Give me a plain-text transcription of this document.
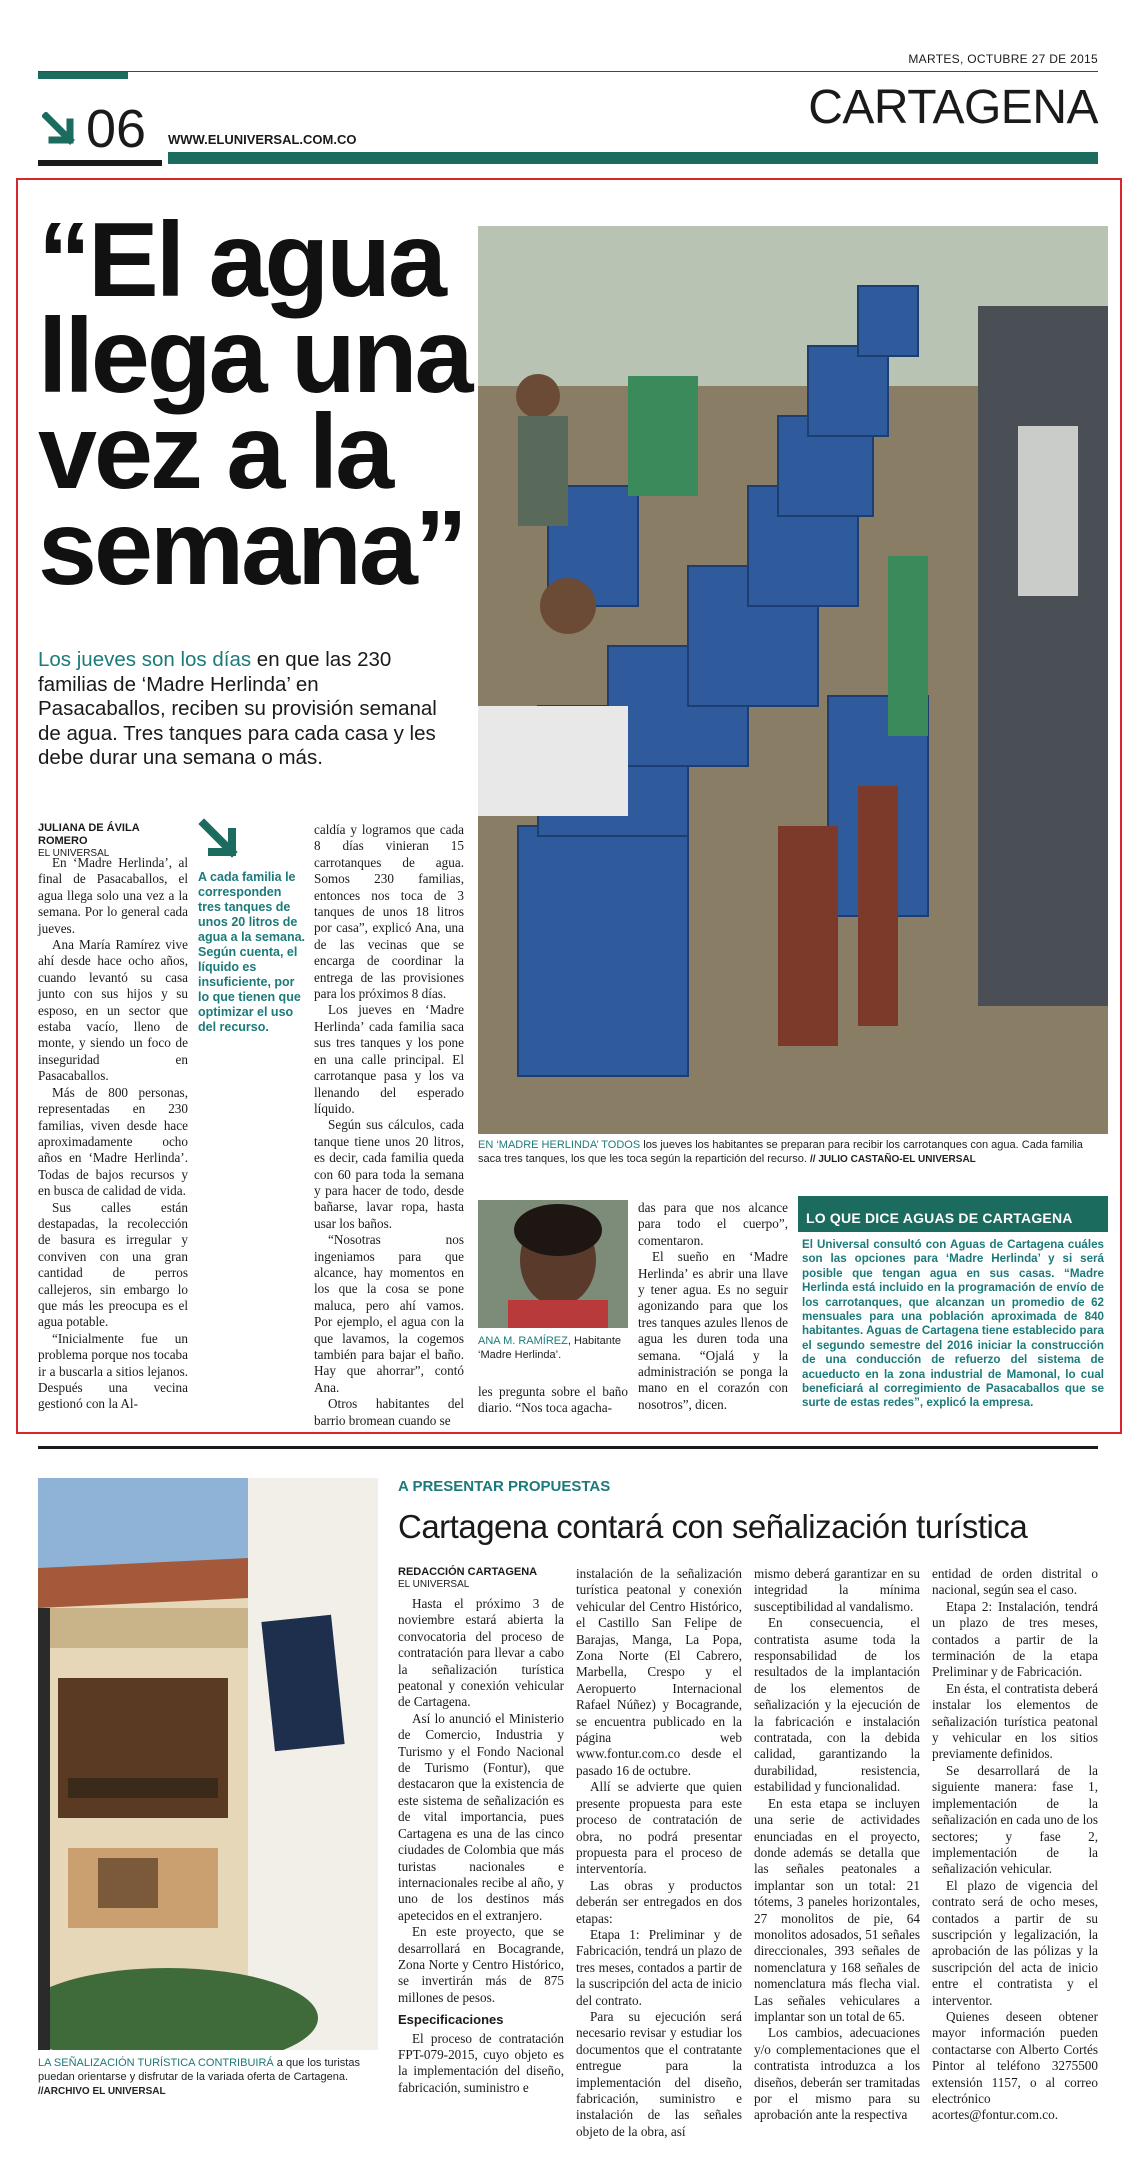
MARTES, OCTUBRE 27 DE 2015
06 WWW.ELUNIVERSAL.COM.CO
CARTAGENA
“El agua llega una vez a la semana”
Los jueves son los días en que las 230 familias de ‘Madre Herlinda’ en Pasacaballos, reciben su provisión semanal de agua. Tres tanques para cada casa y les debe durar una semana o más.
EN ‘MADRE HERLINDA’ TODOS los jueves los habitantes se preparan para recibir los carrotanques con agua. Cada familia saca tres tanques, los que les toca según la repartición del recurso. // JULIO CASTAÑO-EL UNIVERSAL
JULIANA DE ÁVILA ROMERO
EL UNIVERSAL

En ‘Madre Herlinda’, al final de Pasacaballos, el agua llega solo una vez a la semana. Por lo general cada jueves.

Ana María Ramírez vive ahí desde hace ocho años, cuando levantó su casa junto con sus hijos y su esposo, en un sector que estaba vacío, lleno de monte, y siendo un foco de inseguridad en Pasacaballos.

Más de 800 personas, representadas en 230 familias, viven desde hace aproximadamente ocho años en ‘Madre Herlinda’. Todas de bajos recursos y en busca de calidad de vida.

Sus calles están destapadas, la recolección de basura es irregular y conviven con una gran cantidad de perros callejeros, sin embargo lo que más les preocupa es el agua potable.

“Inicialmente fue un problema porque nos tocaba ir a buscarla a sitios lejanos. Después una vecina gestionó con la Al-

A cada familia le corresponden tres tanques de unos 20 litros de agua a la semana. Según cuenta, el líquido es insuficiente, por lo que tienen que optimizar el uso del recurso.

caldía y logramos que cada 8 días vinieran 15 carrotanques de agua. Somos 230 familias, entonces nos toca de 3 tanques de unos 18 litros por casa”, explicó Ana, una de las vecinas que se encarga de coordinar la entrega de las provisiones para los próximos 8 días.

Los jueves en ‘Madre Herlinda’ cada familia saca sus tres tanques y los pone en una calle principal. El carrotanque pasa y los va llenando del esperado líquido.

Según sus cálculos, cada tanque tiene unos 20 litros, es decir, cada familia queda con 60 para toda la semana y para hacer de todo, desde bañarse, lavar ropa, hasta usar los baños.

“Nosotras nos ingeniamos para que alcance, hay momentos en los que la cosa se pone maluca, pero ahí vamos. Por ejemplo, el agua con la que lavamos, la cogemos también para bajar el baño. Hay que ahorrar”, contó Ana.

Otros habitantes del barrio bromean cuando se

ANA M. RAMÍREZ, Habitante ‘Madre Herlinda’.

les pregunta sobre el baño diario. “Nos toca agacha-

das para que nos alcance para todo el cuerpo”, comentaron.

El sueño en ‘Madre Herlinda’ es abrir una llave y tener agua. Es no seguir agonizando para que los tres tanques azules llenos de agua les duren toda una semana. “Ojalá y la administración se ponga la mano en el corazón con nosotros”, dicen.

LO QUE DICE AGUAS DE CARTAGENA
El Universal consultó con Aguas de Cartagena cuáles son las opciones para ‘Madre Herlinda’ y si será posible que tengan agua en sus casas. “Madre Herlinda está incluido en la programación de envío de los carrotanques, que alcanzan un promedio de 62 mensuales para una población aproximada de 840 habitantes. Aguas de Cartagena tiene establecido para el segundo semestre del 2016 iniciar la construcción de una conducción de refuerzo del sistema de acueducto en la zona industrial de Mamonal, lo cual beneficiará al corregimiento de Pasacaballos que se surte de estas redes”, explicó la empresa.
LA SEÑALIZACIÓN TURÍSTICA CONTRIBUIRÁ a que los turistas puedan orientarse y disfrutar de la variada oferta de Cartagena. //ARCHIVO EL UNIVERSAL
A PRESENTAR PROPUESTAS
Cartagena contará con señalización turística
REDACCIÓN CARTAGENA
EL UNIVERSAL

Hasta el próximo 3 de noviembre estará abierta la convocatoria del proceso de contratación para llevar a cabo la señalización turística peatonal y conexión vehicular de Cartagena.

Así lo anunció el Ministerio de Comercio, Industria y Turismo y el Fondo Nacional de Turismo (Fontur), que destacaron que la existencia de este sistema de señalización es de vital importancia, pues Cartagena es una de las cinco ciudades de Colombia que más turistas nacionales e internacionales recibe al año, y uno de los destinos más apetecidos en el extranjero.

En este proyecto, que se desarrollará en Bocagrande, Zona Norte y Centro Histórico, se invertirán más de 875 millones de pesos.

Especificaciones

El proceso de contratación FPT-079-2015, cuyo objeto es la implementación del diseño, fabricación, suministro e

instalación de la señalización turística peatonal y conexión vehicular del Centro Histórico, el Castillo San Felipe de Barajas, Manga, La Popa, Zona Norte (El Cabrero, Marbella, Crespo y el Aeropuerto Internacional Rafael Núñez) y Bocagrande, se encuentra publicado en la página web www.fontur.com.co desde el pasado 16 de octubre.

Allí se advierte que quien presente propuesta para este proceso de contratación de obra, no podrá presentar propuesta para el proceso de interventoría.

Las obras y productos deberán ser entregados en dos etapas:

Etapa 1: Preliminar y de Fabricación, tendrá un plazo de tres meses, contados a partir de la suscripción del acta de inicio del contrato.

Para su ejecución será necesario revisar y estudiar los documentos que el contratante entregue para la implementación del diseño, fabricación, suministro e instalación de las señales objeto de la obra, así

mismo deberá garantizar en su integridad la mínima susceptibilidad al vandalismo.

En consecuencia, el contratista asume toda la responsabilidad de los resultados de la implantación de los elementos de señalización y la ejecución de la fabricación e instalación contratada, con la debida calidad, garantizando la durabilidad, resistencia, estabilidad y funcionalidad.

En esta etapa se incluyen una serie de actividades enunciadas en el proyecto, donde además se detalla que las señales peatonales a implantar son un total: 21 tótems, 3 paneles horizontales, 27 monolitos de pie, 64 monolitos adosados, 51 señales direccionales, 393 señales de nomenclatura y 168 señales de nomenclatura más flecha vial. Las señales vehiculares a implantar son un total de 65.

Los cambios, adecuaciones y/o complementaciones que el contratista introduzca a los diseños, deberán ser tramitadas por el mismo para su aprobación ante la respectiva

entidad de orden distrital o nacional, según sea el caso.

Etapa 2: Instalación, tendrá un plazo de tres meses, contados a partir de la terminación de la etapa Preliminar y de Fabricación.

En ésta, el contratista deberá instalar los elementos de señalización turística peatonal y vehicular en los sitios previamente definidos.

Se desarrollará de la siguiente manera: fase 1, implementación de la señalización en cada uno de los sectores; y fase 2, implementación de la señalización vehicular.

El plazo de vigencia del contrato será de ocho meses, contados a partir de su suscripción y legalización, la aprobación de las pólizas y la suscripción del acta de inicio entre el contratista y el interventor.

Quienes deseen obtener mayor información pueden contactarse con Alberto Cortés Pintor al teléfono 3275500 extensión 1157, o al correo electrónico acortes@fontur.com.co.
